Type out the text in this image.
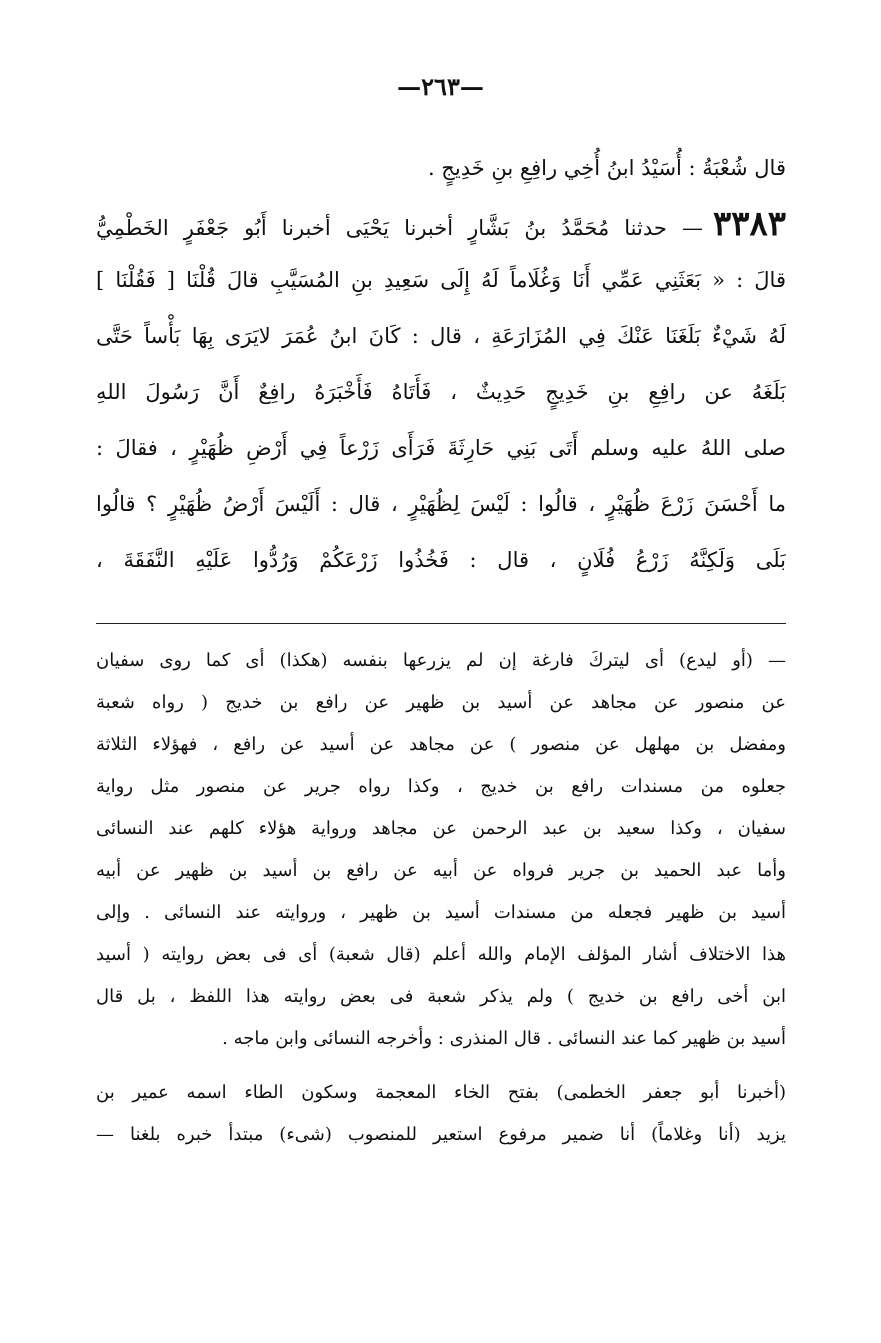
—٢٦٣—
قال شُعْبَةُ : أُسَيْدُ ابنُ أُخِي رافِعِ بنِ خَدِيجٍ .
٣٣٨٣— حدثنا مُحَمَّدُ بنُ بَشَّارٍ أخبرنا يَحْيَى أخبرنا أَبُو جَعْفَرٍ الخَطْمِيُّ
قالَ : « بَعَثَنِي عَمِّي أَنَا وَغُلَاماً لَهُ إِلَى سَعِيدِ بنِ المُسَيَّبِ قالَ قُلْنَا [ فَقُلْنَا ]
لَهُ شَيْءٌ بَلَغَنَا عَنْكَ فِي المُزَارَعَةِ ، قال : كَانَ ابنُ عُمَرَ لايَرَى بِهَا بَأْساً حَتَّى
بَلَغَهُ عن رافِعِ بنِ خَدِيجٍ حَدِيثٌ ، فَأَتَاهُ فَأَخْبَرَهُ رافِعٌ أَنَّ رَسُولَ اللهِ
صلى اللهُ عليه وسلم أَتَى بَنِي حَارِثَةَ فَرَأَى زَرْعاً فِي أَرْضِ ظُهَيْرٍ ، فقالَ :
ما أَحْسَنَ زَرْعَ ظُهَيْرٍ ، قالُوا : لَيْسَ لِظُهَيْرٍ ، قال : أَلَيْسَ أَرْضُ ظُهَيْرٍ ؟ قالُوا
بَلَى وَلَكِنَّهُ زَرْعُ فُلَانٍ ، قال : فَخُذُوا زَرْعَكُمْ وَرُدُّوا عَلَيْهِ النَّفَقَةَ ،
— (أو ليدع) أى ليتركَ فارغة إن لم يزرعها بنفسه (هكذا) أى كما روى سفيان
عن منصور عن مجاهد عن أسيد بن ظهير عن رافع بن خديج ( رواه شعبة
ومفضل بن مهلهل عن منصور ) عن مجاهد عن أسيد عن رافع ، فهؤلاء الثلاثة
جعلوه من مسندات رافع بن خديج ، وكذا رواه جرير عن منصور مثل رواية
سفيان ، وكذا سعيد بن عبد الرحمن عن مجاهد ورواية هؤلاء كلهم عند النسائى
وأما عبد الحميد بن جرير فرواه عن أبيه عن رافع بن أسيد بن ظهير عن أبيه
أسيد بن ظهير فجعله من مسندات أسيد بن ظهير ، وروايته عند النسائى . وإلى
هذا الاختلاف أشار المؤلف الإمام والله أعلم (قال شعبة) أى فى بعض روايته ( أسيد
ابن أخى رافع بن خديج ) ولم يذكر شعبة فى بعض روايته هذا اللفظ ، بل قال
أسيد بن ظهير كما عند النسائى . قال المنذرى : وأخرجه النسائى وابن ماجه .
(أخبرنا أبو جعفر الخطمى) بفتح الخاء المعجمة وسكون الطاء اسمه عمير بن
يزيد (أنا وغلاماً) أنا ضمير مرفوع استعير للمنصوب (شىء) مبتدأ خبره بلغنا —
